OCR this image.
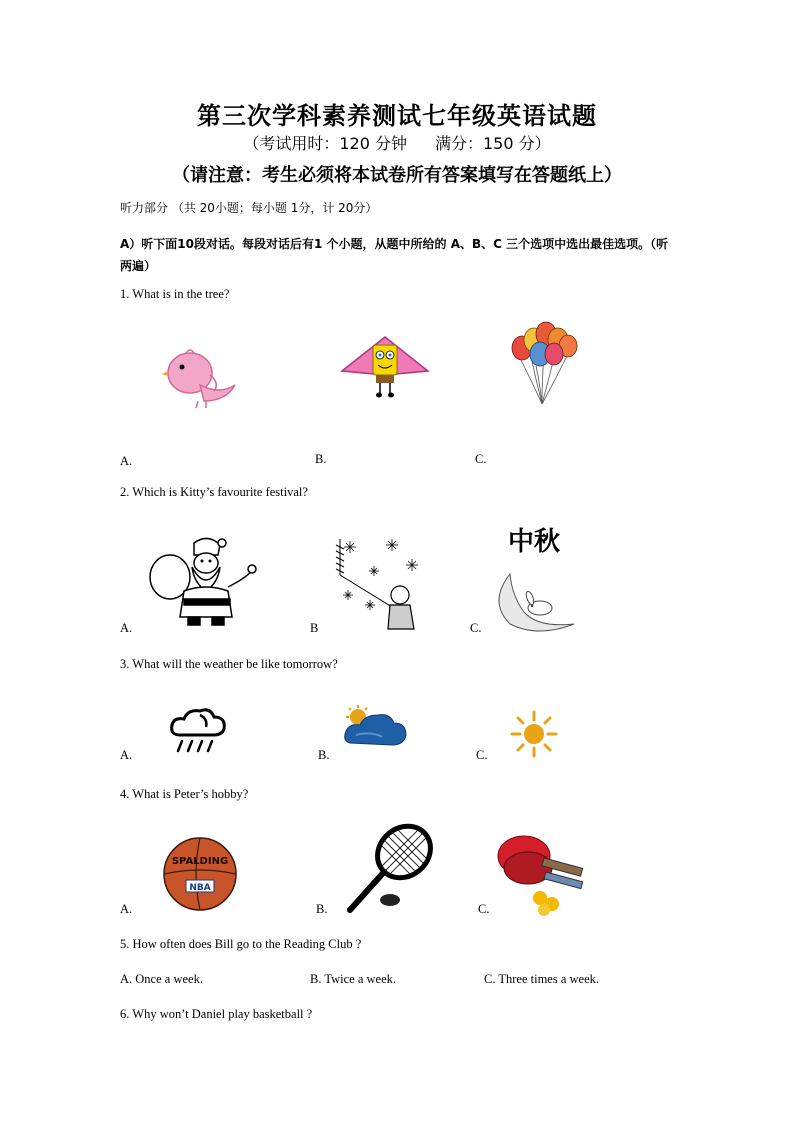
第三次学科素养测试七年级英语试题
（考试用时：120 分钟 满分：150 分）
（请注意：考生必须将本试卷所有答案填写在答题纸上）
听力部分 （共 20小题；每小题 1分，计 20分）
A）听下面10段对话。每段对话后有1 个小题，从题中所给的 A、B、C 三个选项中选出最佳选项。（听两遍）
1. What is in the tree?
A.	B.	C.
2. Which is Kitty’s favourite festival?
A.	B
中秋
C.
3. What will the weather be like tomorrow?
A.	B.	C.
4. What is Peter’s hobby?
SPALDING
NBA
A.	B.	C.
5. How often does Bill go to the Reading Club ?
A. Once a week.	B. Twice a week.	C. Three times a week.
6. Why won’t Daniel play basketball ?
